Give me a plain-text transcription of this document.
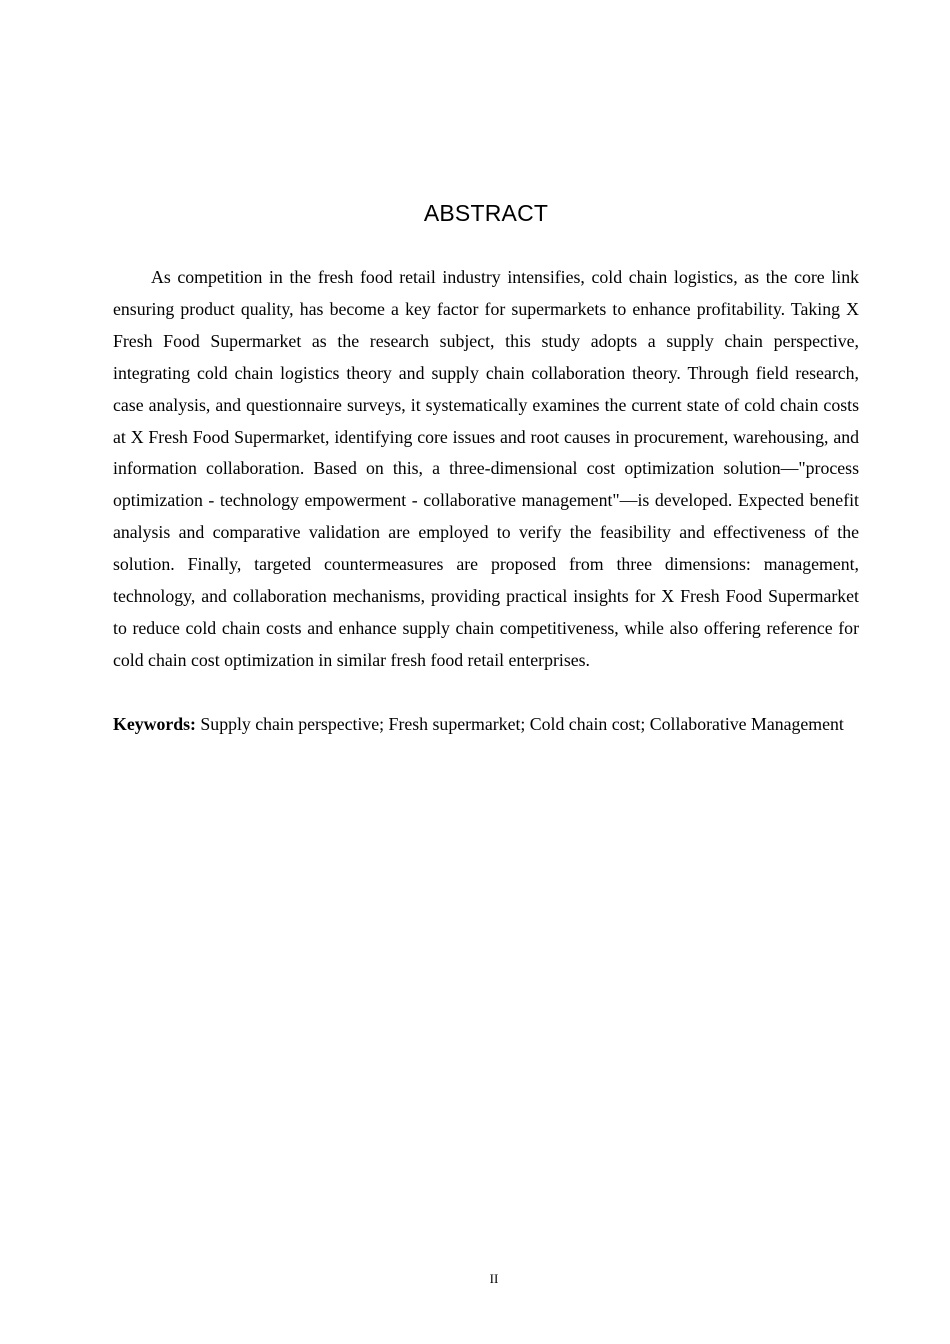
ABSTRACT

As competition in the fresh food retail industry intensifies, cold chain logistics, as the core link ensuring product quality, has become a key factor for supermarkets to enhance profitability. Taking X Fresh Food Supermarket as the research subject, this study adopts a supply chain perspective, integrating cold chain logistics theory and supply chain collaboration theory. Through field research, case analysis, and questionnaire surveys, it systematically examines the current state of cold chain costs at X Fresh Food Supermarket, identifying core issues and root causes in procurement, warehousing, and information collaboration. Based on this, a three-dimensional cost optimization solution—"process optimization - technology empowerment - collaborative management"—is developed. Expected benefit analysis and comparative validation are employed to verify the feasibility and effectiveness of the solution. Finally, targeted countermeasures are proposed from three dimensions: management, technology, and collaboration mechanisms, providing practical insights for X Fresh Food Supermarket to reduce cold chain costs and enhance supply chain competitiveness, while also offering reference for cold chain cost optimization in similar fresh food retail enterprises.

Keywords: Supply chain perspective; Fresh supermarket; Cold chain cost; Collaborative Management

II
